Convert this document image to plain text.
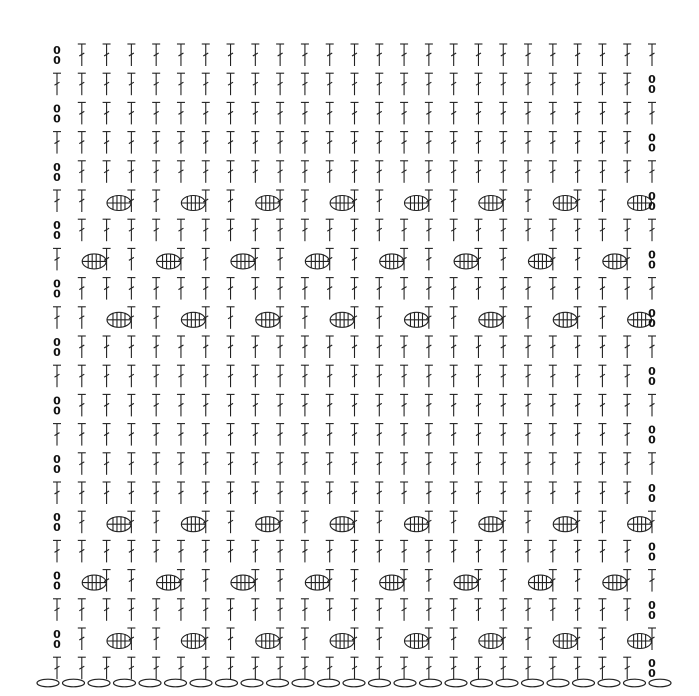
0
0
0
0
0
0
0
0
0
0
0
0
0
0
0
0
0
0
0
0
0
0
0
0
0
0
0
0
0
0
0
0
0
0
0
0
0
0
0
0
0
0
0
0
